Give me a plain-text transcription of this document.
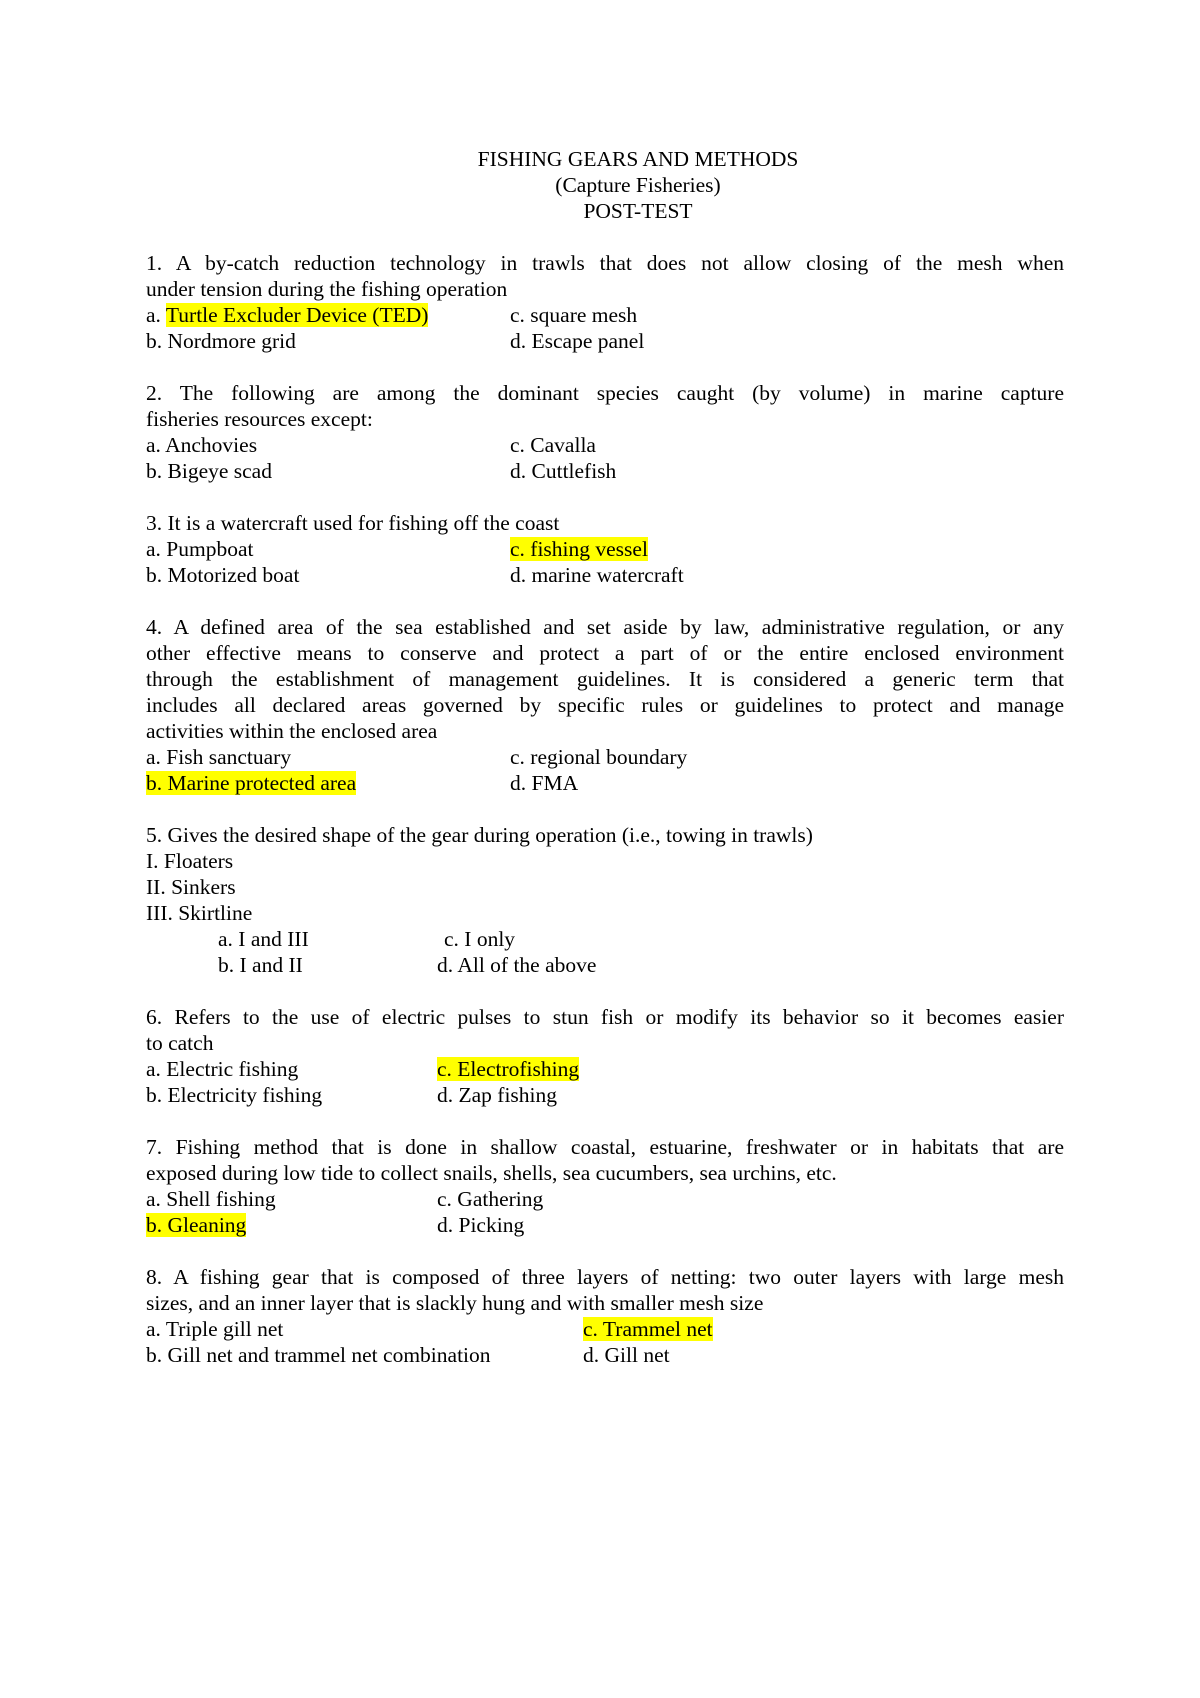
FISHING GEARS AND METHODS
(Capture Fisheries)
POST-TEST
1. A by-catch reduction technology in trawls that does not allow closing of the mesh when
under tension during the fishing operation
a. Turtle Excluder Device (TED)	c. square mesh
b. Nordmore grid	d. Escape panel
2. The following are among the dominant species caught (by volume) in marine capture
fisheries resources except:
a. Anchovies	c. Cavalla
b. Bigeye scad	d. Cuttlefish
3. It is a watercraft used for fishing off the coast
a. Pumpboat	c. fishing vessel
b. Motorized boat	d. marine watercraft
4. A defined area of the sea established and set aside by law, administrative regulation, or any
other effective means to conserve and protect a part of or the entire enclosed environment
through the establishment of management guidelines. It is considered a generic term that
includes all declared areas governed by specific rules or guidelines to protect and manage
activities within the enclosed area
a. Fish sanctuary	c. regional boundary
b. Marine protected area	d. FMA
5. Gives the desired shape of the gear during operation (i.e., towing in trawls)
I. Floaters
II. Sinkers
III. Skirtline
a. I and III	c. I only
b. I and II	d. All of the above
6. Refers to the use of electric pulses to stun fish or modify its behavior so it becomes easier
to catch
a. Electric fishing	c. Electrofishing
b. Electricity fishing	d. Zap fishing
7. Fishing method that is done in shallow coastal, estuarine, freshwater or in habitats that are
exposed during low tide to collect snails, shells, sea cucumbers, sea urchins, etc.
a. Shell fishing	c. Gathering
b. Gleaning	d. Picking
8. A fishing gear that is composed of three layers of netting: two outer layers with large mesh
sizes, and an inner layer that is slackly hung and with smaller mesh size
a. Triple gill net	c. Trammel net
b. Gill net and trammel net combination	d. Gill net
